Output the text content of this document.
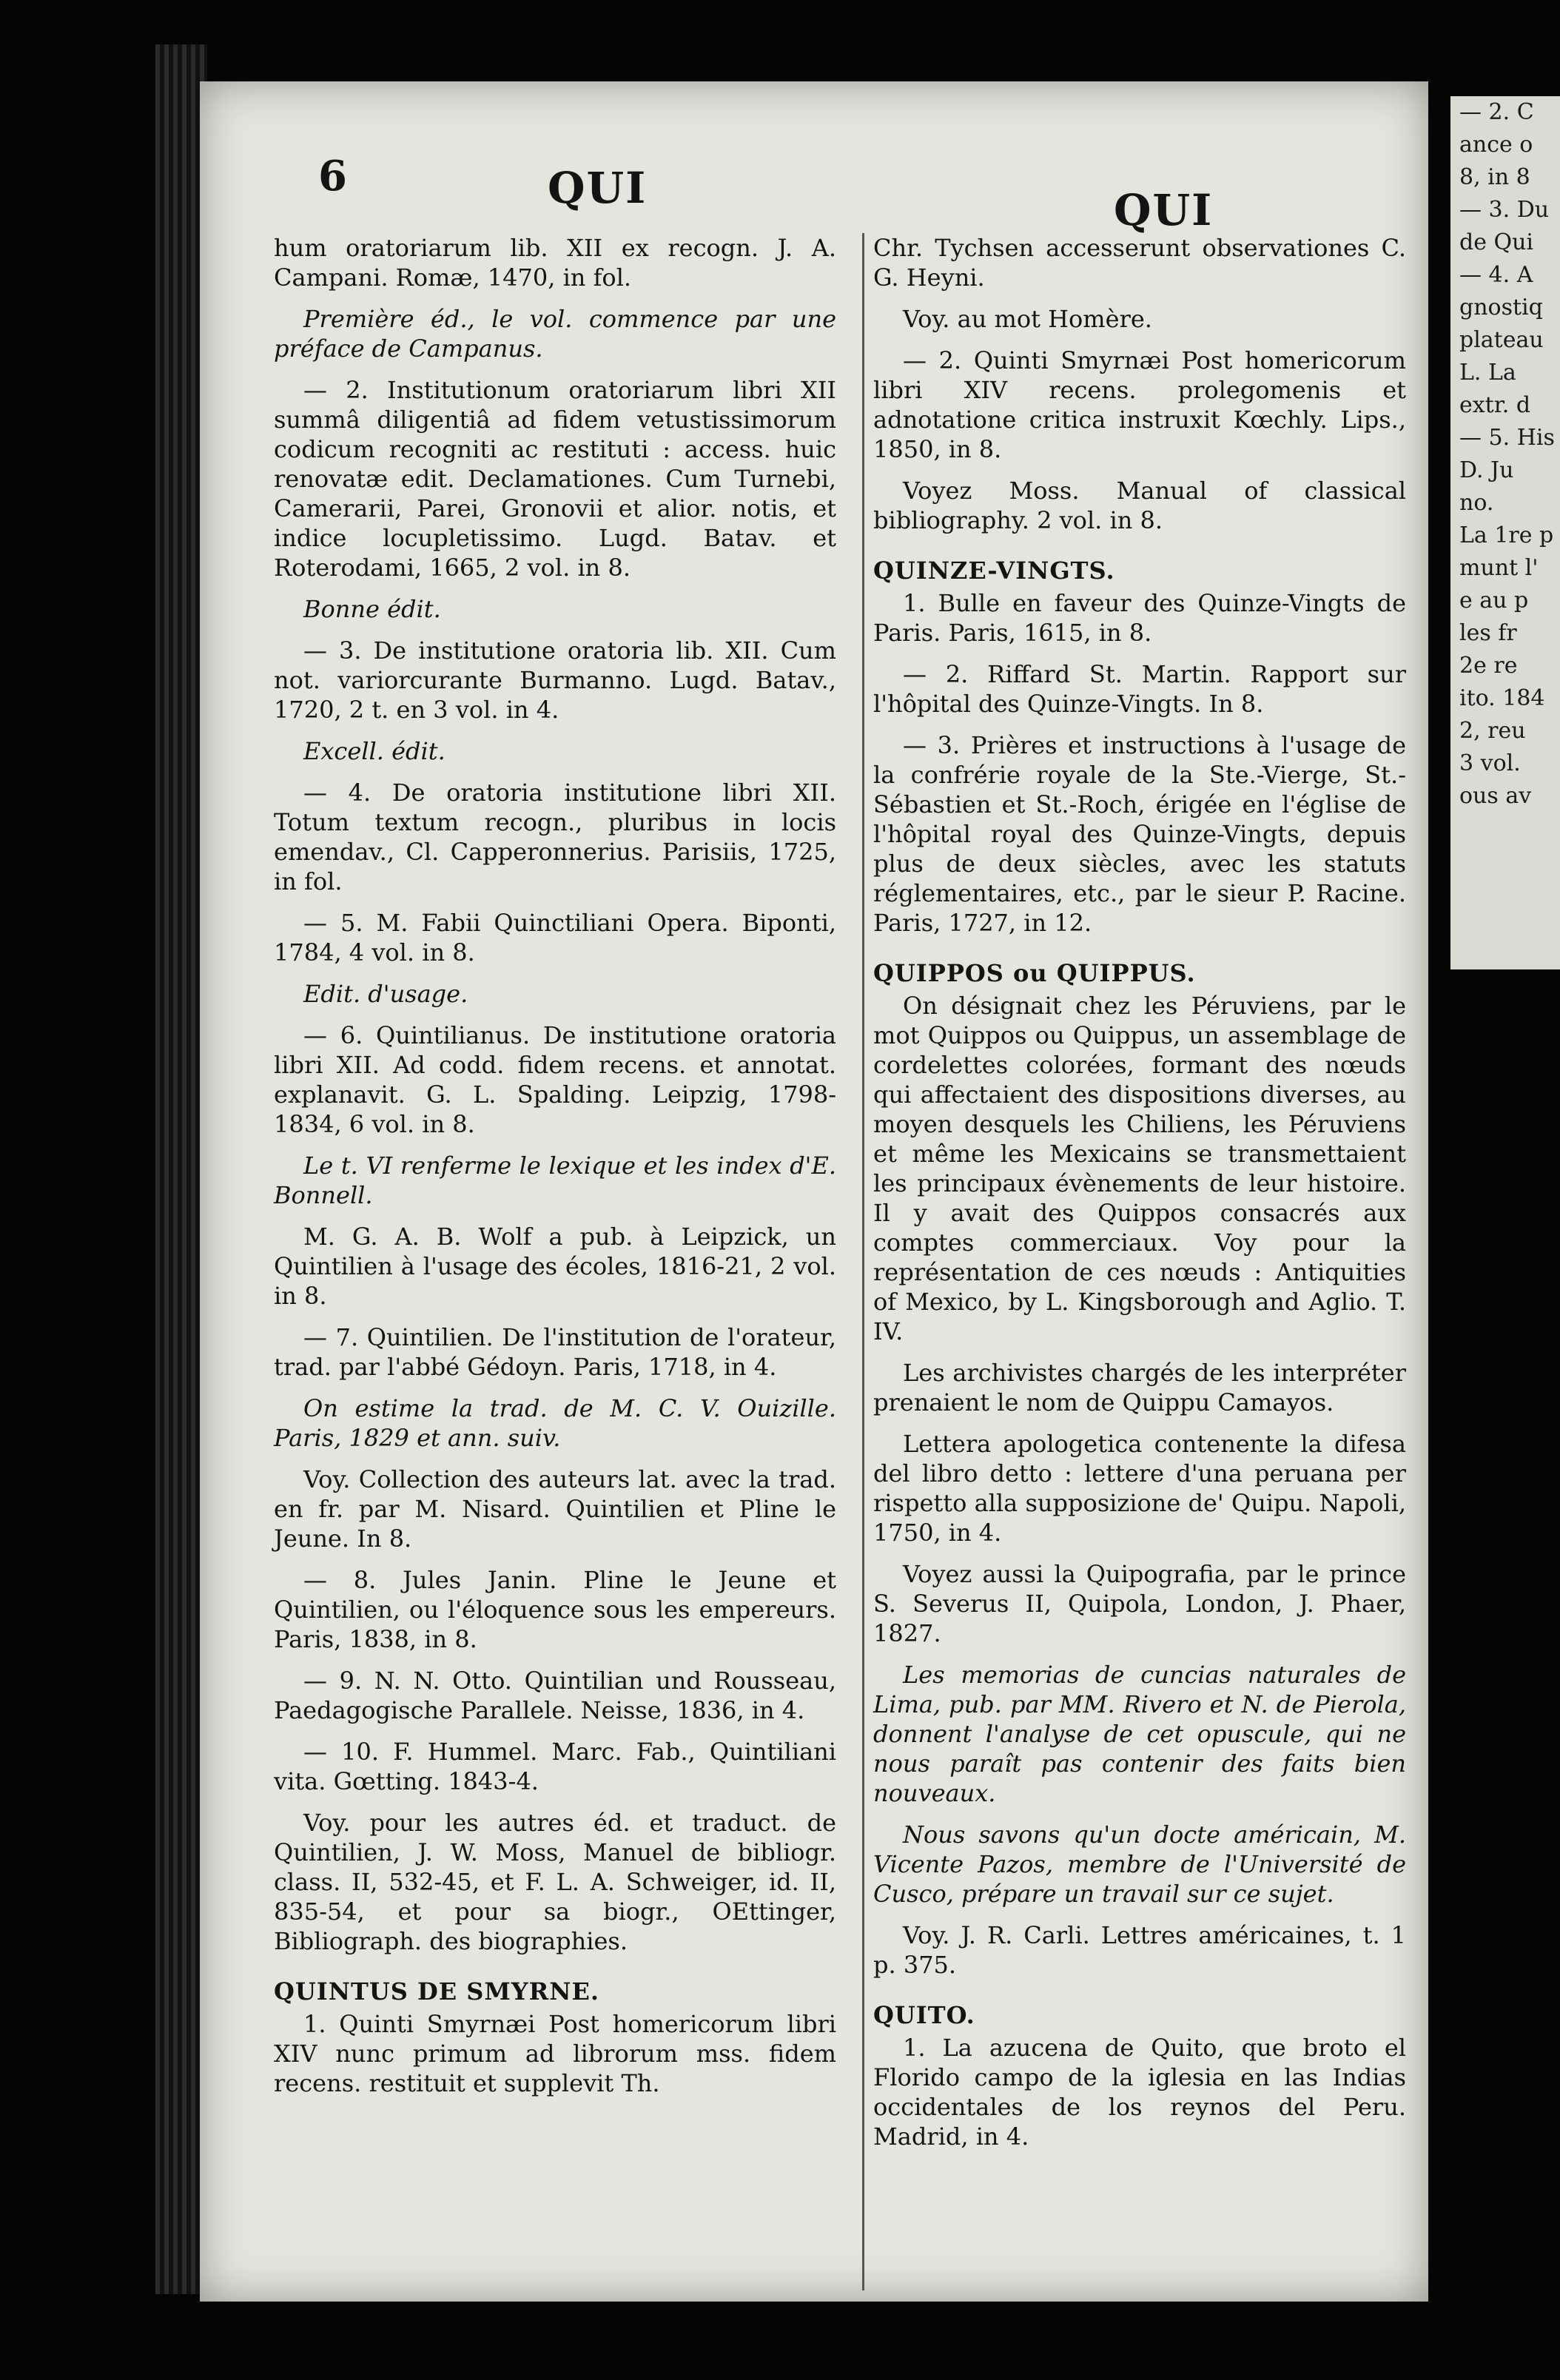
— 2. C
ance o
8, in 8
— 3. Du
de Qui
— 4. A
gnostiq
plateau
L. La
extr. d
— 5. His
D. Ju
no.
La 1re p
munt l'
e au p
les fr
2e re
ito. 184
2, reu
3 vol.
ous av
6	QUI	QUI
hum oratoriarum lib. XII ex recogn. J. A. Campani. Romæ, 1470, in fol.
Première éd., le vol. commence par une préface de Campanus.
— 2. Institutionum oratoriarum libri XII summâ diligentiâ ad fidem vetustissimorum codicum recogniti ac restituti : access. huic renovatæ edit. Declamationes. Cum Turnebi, Camerarii, Parei, Gronovii et alior. notis, et indice locupletissimo. Lugd. Batav. et Roterodami, 1665, 2 vol. in 8.
Bonne édit.
— 3. De institutione oratoria lib. XII. Cum not. variorcurante Burmanno. Lugd. Batav., 1720, 2 t. en 3 vol. in 4.
Excell. édit.
— 4. De oratoria institutione libri XII. Totum textum recogn., pluribus in locis emendav., Cl. Capperonnerius. Parisiis, 1725, in fol.
— 5. M. Fabii Quinctiliani Opera. Biponti, 1784, 4 vol. in 8.
Edit. d'usage.
— 6. Quintilianus. De institutione oratoria libri XII. Ad codd. fidem recens. et annotat. explanavit. G. L. Spalding. Leipzig, 1798-1834, 6 vol. in 8.
Le t. VI renferme le lexique et les index d'E. Bonnell.
M. G. A. B. Wolf a pub. à Leipzick, un Quintilien à l'usage des écoles, 1816-21, 2 vol. in 8.
— 7. Quintilien. De l'institution de l'orateur, trad. par l'abbé Gédoyn. Paris, 1718, in 4.
On estime la trad. de M. C. V. Ouizille. Paris, 1829 et ann. suiv.
Voy. Collection des auteurs lat. avec la trad. en fr. par M. Nisard. Quintilien et Pline le Jeune. In 8.
— 8. Jules Janin. Pline le Jeune et Quintilien, ou l'éloquence sous les empereurs. Paris, 1838, in 8.
— 9. N. N. Otto. Quintilian und Rousseau, Paedagogische Parallele. Neisse, 1836, in 4.
— 10. F. Hummel. Marc. Fab., Quintiliani vita. Gœtting. 1843-4.
Voy. pour les autres éd. et traduct. de Quintilien, J. W. Moss, Manuel de bibliogr. class. II, 532-45, et F. L. A. Schweiger, id. II, 835-54, et pour sa biogr., OEttinger, Bibliograph. des biographies.
QUINTUS DE SMYRNE.
1. Quinti Smyrnæi Post homericorum libri XIV nunc primum ad librorum mss. fidem recens. restituit et supplevit Th.
Chr. Tychsen accesserunt observationes C. G. Heyni.
Voy. au mot Homère.
— 2. Quinti Smyrnæi Post homericorum libri XIV recens. prolegomenis et adnotatione critica instruxit Kœchly. Lips., 1850, in 8.
Voyez Moss. Manual of classical bibliography. 2 vol. in 8.
QUINZE-VINGTS.
1. Bulle en faveur des Quinze-Vingts de Paris. Paris, 1615, in 8.
— 2. Riffard St. Martin. Rapport sur l'hôpital des Quinze-Vingts. In 8.
— 3. Prières et instructions à l'usage de la confrérie royale de la Ste.-Vierge, St.-Sébastien et St.-Roch, érigée en l'église de l'hôpital royal des Quinze-Vingts, depuis plus de deux siècles, avec les statuts réglementaires, etc., par le sieur P. Racine. Paris, 1727, in 12.
QUIPPOS ou QUIPPUS.
On désignait chez les Péruviens, par le mot Quippos ou Quippus, un assemblage de cordelettes colorées, formant des nœuds qui affectaient des dispositions diverses, au moyen desquels les Chiliens, les Péruviens et même les Mexicains se transmettaient les principaux évènements de leur histoire. Il y avait des Quippos consacrés aux comptes commerciaux. Voy pour la représentation de ces nœuds : Antiquities of Mexico, by L. Kingsborough and Aglio. T. IV.
Les archivistes chargés de les interpréter prenaient le nom de Quippu Camayos.
Lettera apologetica contenente la difesa del libro detto : lettere d'una peruana per rispetto alla supposizione de' Quipu. Napoli, 1750, in 4.
Voyez aussi la Quipografia, par le prince S. Severus II, Quipola, London, J. Phaer, 1827.
Les memorias de cuncias naturales de Lima, pub. par MM. Rivero et N. de Pierola, donnent l'analyse de cet opuscule, qui ne nous paraît pas contenir des faits bien nouveaux.
Nous savons qu'un docte américain, M. Vicente Pazos, membre de l'Université de Cusco, prépare un travail sur ce sujet.
Voy. J. R. Carli. Lettres américaines, t. 1 p. 375.
QUITO.
1. La azucena de Quito, que broto el Florido campo de la iglesia en las Indias occidentales de los reynos del Peru. Madrid, in 4.
